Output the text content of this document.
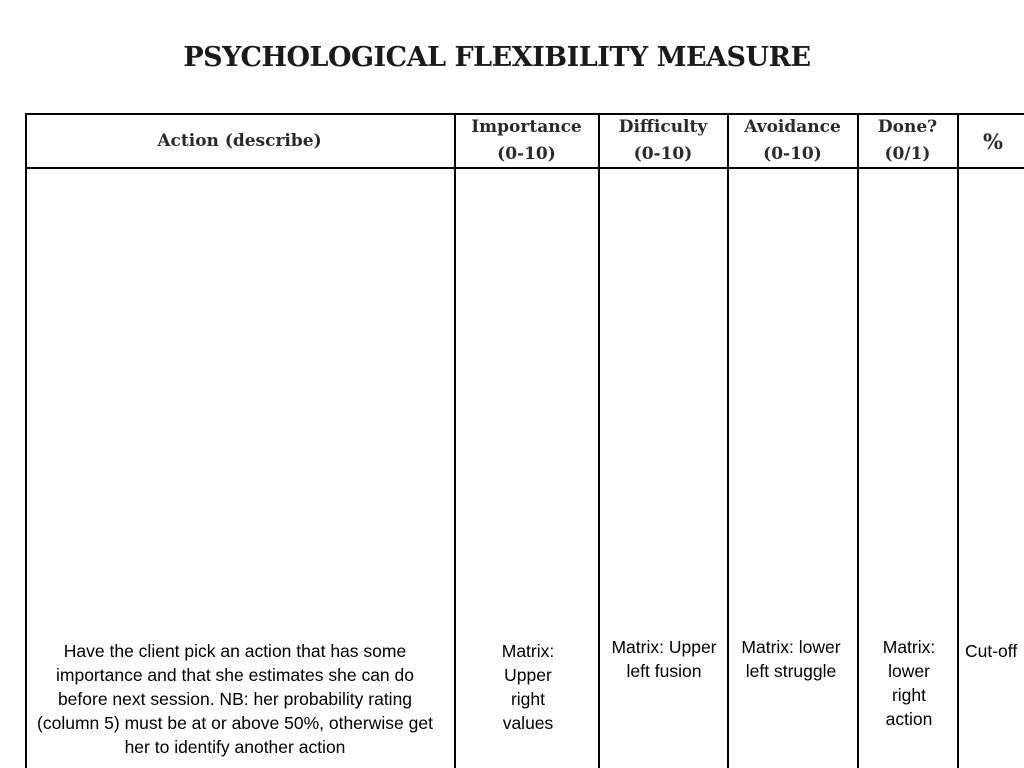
PSYCHOLOGICAL FLEXIBILITY MEASURE
Action (describe)
Importance
(0-10)
Difficulty
(0-10)
Avoidance
(0-10)
Done?
(0/1)
%
Have the client pick an action that has some importance and that she estimates she can do before next session. NB: her probability rating (column 5) must be at or above 50%, otherwise get her to identify another action
Matrix: Upper right values
Matrix: Upper left fusion
Matrix: lower left struggle
Matrix: lower right action
Cut-off
